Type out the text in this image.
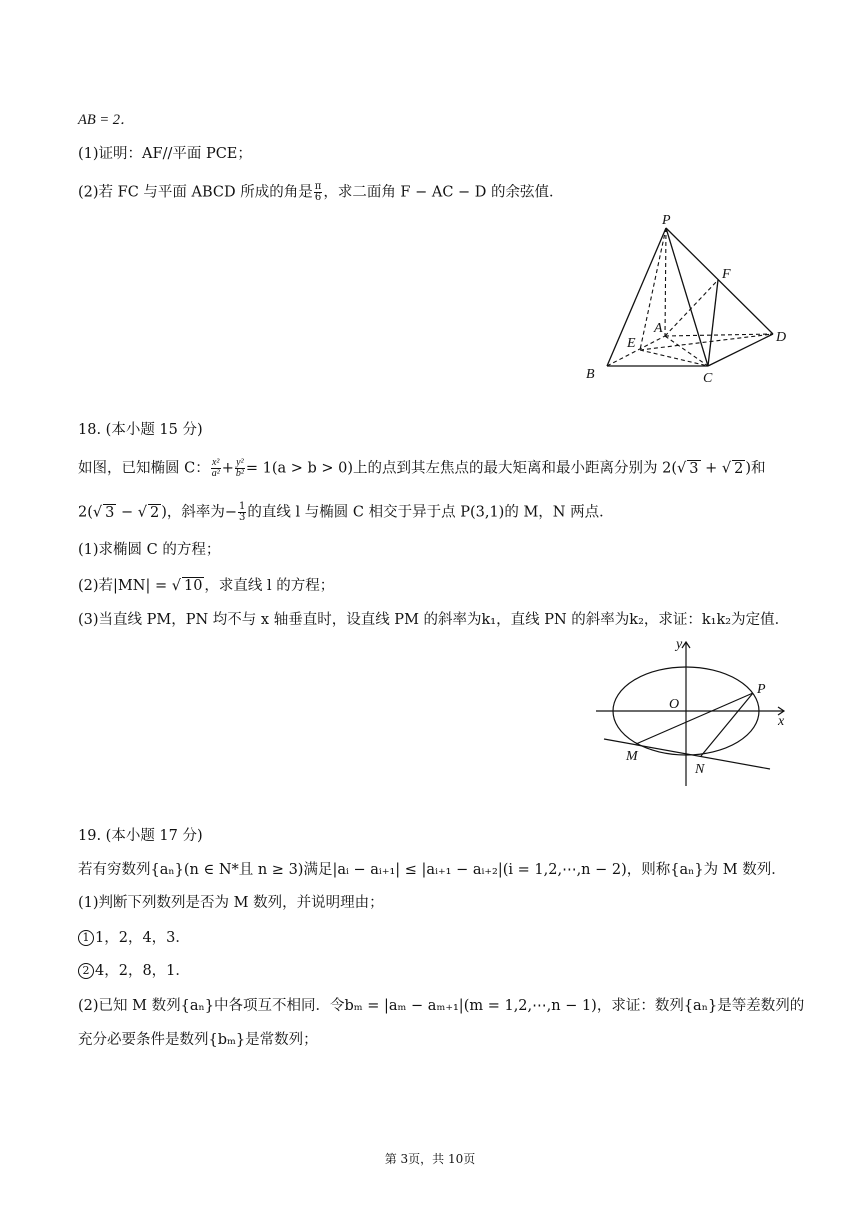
AB = 2．
(1)证明：AF//平面 PCE；
(2)若 FC 与平面 ABCD 所成的角是 $\frac{\pi}{6}$ ，求二面角 F − AC − D 的余弦值．
P
F
A
E	D
B	C
18. (本小题 15 分)
如图，已知椭圆 C： $\frac{\text{x²}}{\text{a²}} + \frac{\text{y²}}{\text{b²}} = 1(a > b > 0)$上的点到其左焦点的最大矩离和最小距离分别为 2(√ 3 + √ 2 )和
2(√ 3 − √ 2 )，斜率为− $\frac{1}{3}$ 的直线 l 与椭圆 C 相交于异于点 P(3,1)的 M，N 两点．
(1)求椭圆 C 的方程；
(2)若|MN| = √ 10 ，求直线 l 的方程；
(3)当直线 PM，PN 均不与 x 轴垂直时，设直线 PM 的斜率为k₁，直线 PN 的斜率为k₂，求证：k₁k₂为定值．
y
O
P
x
M
N
19. (本小题 17 分)
若有穷数列{aₙ}(n ∈ N*且 n ≥ 3)满足|aᵢ − aᵢ₊₁| ≤ |aᵢ₊₁ − aᵢ₊₂|(i = 1,2,⋯,n − 2)，则称{aₙ}为 M 数列．
(1)判断下列数列是否为 M 数列，并说明理由；
1 1，2，4，3．
2 4，2，8，1．
(2)已知 M 数列{aₙ}中各项互不相同．令bₘ = |aₘ − aₘ₊₁|(m = 1,2,⋯,n − 1)，求证：数列{aₙ}是等差数列的
充分必要条件是数列{bₘ}是常数列；
第 3页，共 10页
